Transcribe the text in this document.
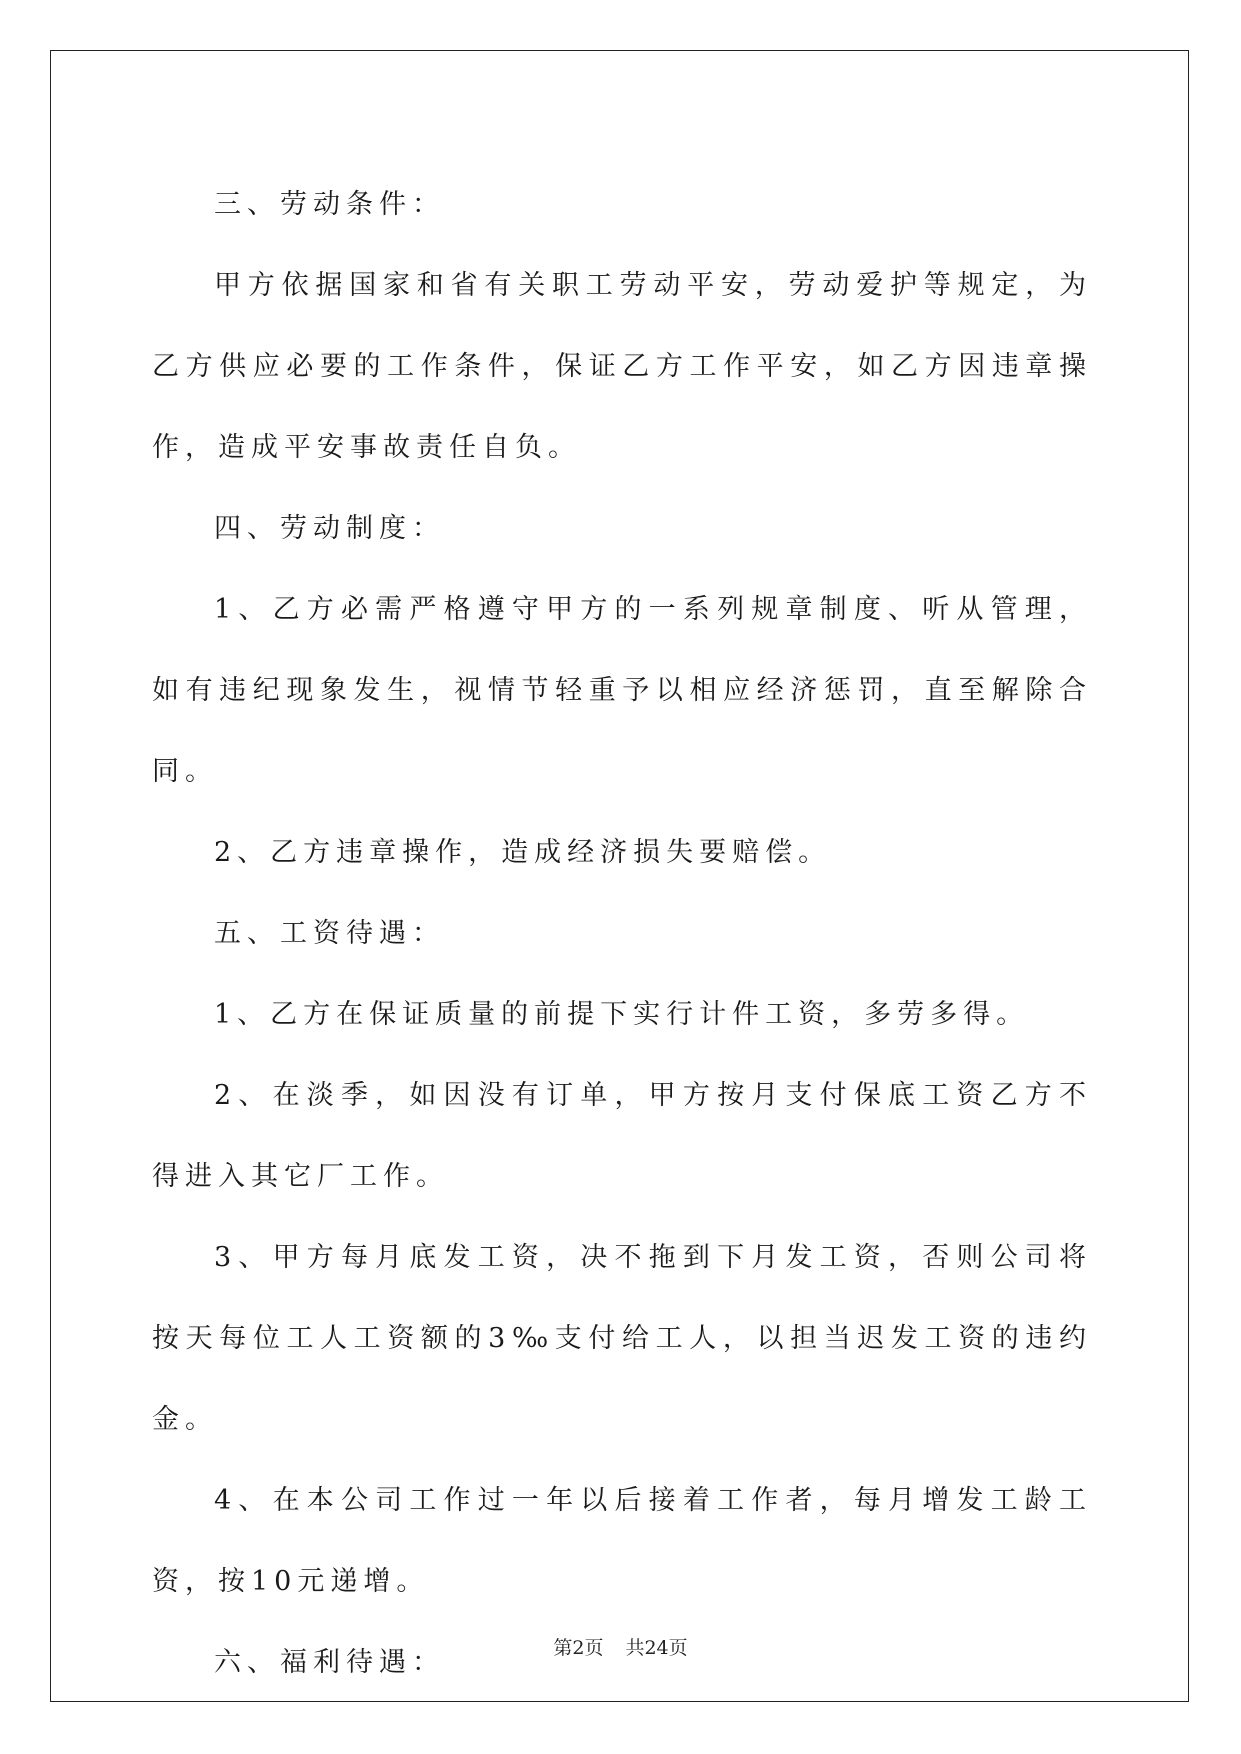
三、劳动条件：

甲方依据国家和省有关职工劳动平安，劳动爱护等规定，为乙方供应必要的工作条件，保证乙方工作平安，如乙方因违章操作，造成平安事故责任自负。

四、劳动制度：

1、乙方必需严格遵守甲方的一系列规章制度、听从管理，如有违纪现象发生，视情节轻重予以相应经济惩罚，直至解除合同。

2、乙方违章操作，造成经济损失要赔偿。

五、工资待遇：

1、乙方在保证质量的前提下实行计件工资，多劳多得。

2、在淡季，如因没有订单，甲方按月支付保底工资乙方不得进入其它厂工作。

3、甲方每月底发工资，决不拖到下月发工资，否则公司将按天每位工人工资额的3‰支付给工人，以担当迟发工资的违约金。

4、在本公司工作过一年以后接着工作者，每月增发工龄工资，按10元递增。

六、福利待遇：	第2页 共24页
